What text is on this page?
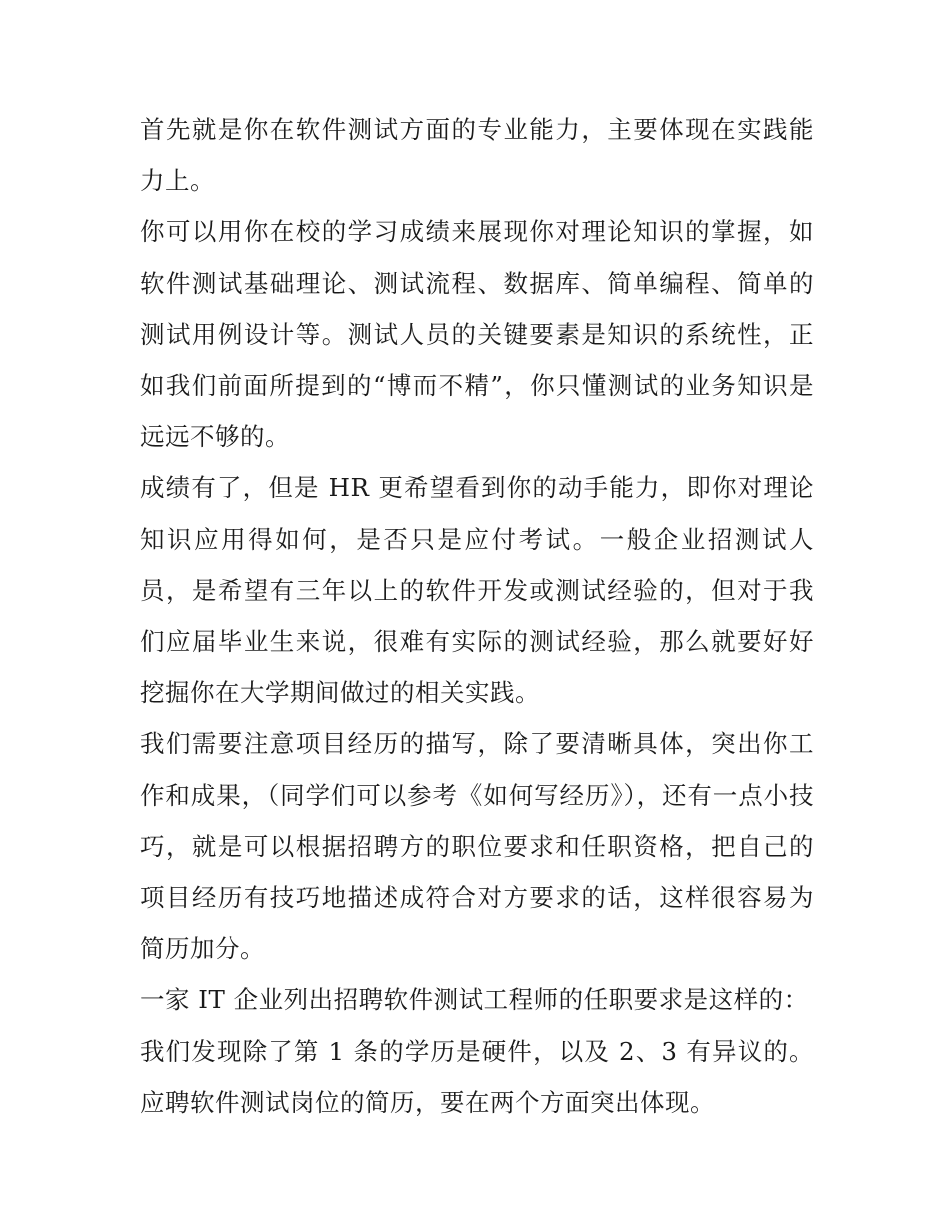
首先就是你在软件测试方面的专业能力，主要体现在实践能力上。

你可以用你在校的学习成绩来展现你对理论知识的掌握，如软件测试基础理论、测试流程、数据库、简单编程、简单的测试用例设计等。测试人员的关键要素是知识的系统性，正如我们前面所提到的“博而不精”，你只懂测试的业务知识是远远不够的。

成绩有了，但是 HR 更希望看到你的动手能力，即你对理论知识应用得如何，是否只是应付考试。一般企业招测试人员，是希望有三年以上的软件开发或测试经验的，但对于我们应届毕业生来说，很难有实际的测试经验，那么就要好好挖掘你在大学期间做过的相关实践。

我们需要注意项目经历的描写，除了要清晰具体，突出你工作和成果，（同学们可以参考《如何写经历》），还有一点小技巧，就是可以根据招聘方的职位要求和任职资格，把自己的项目经历有技巧地描述成符合对方要求的话，这样很容易为简历加分。

一家 IT 企业列出招聘软件测试工程师的任职要求是这样的：

我们发现除了第 1 条的学历是硬件，以及 2、3 有异议的。应聘软件测试岗位的简历，要在两个方面突出体现。
